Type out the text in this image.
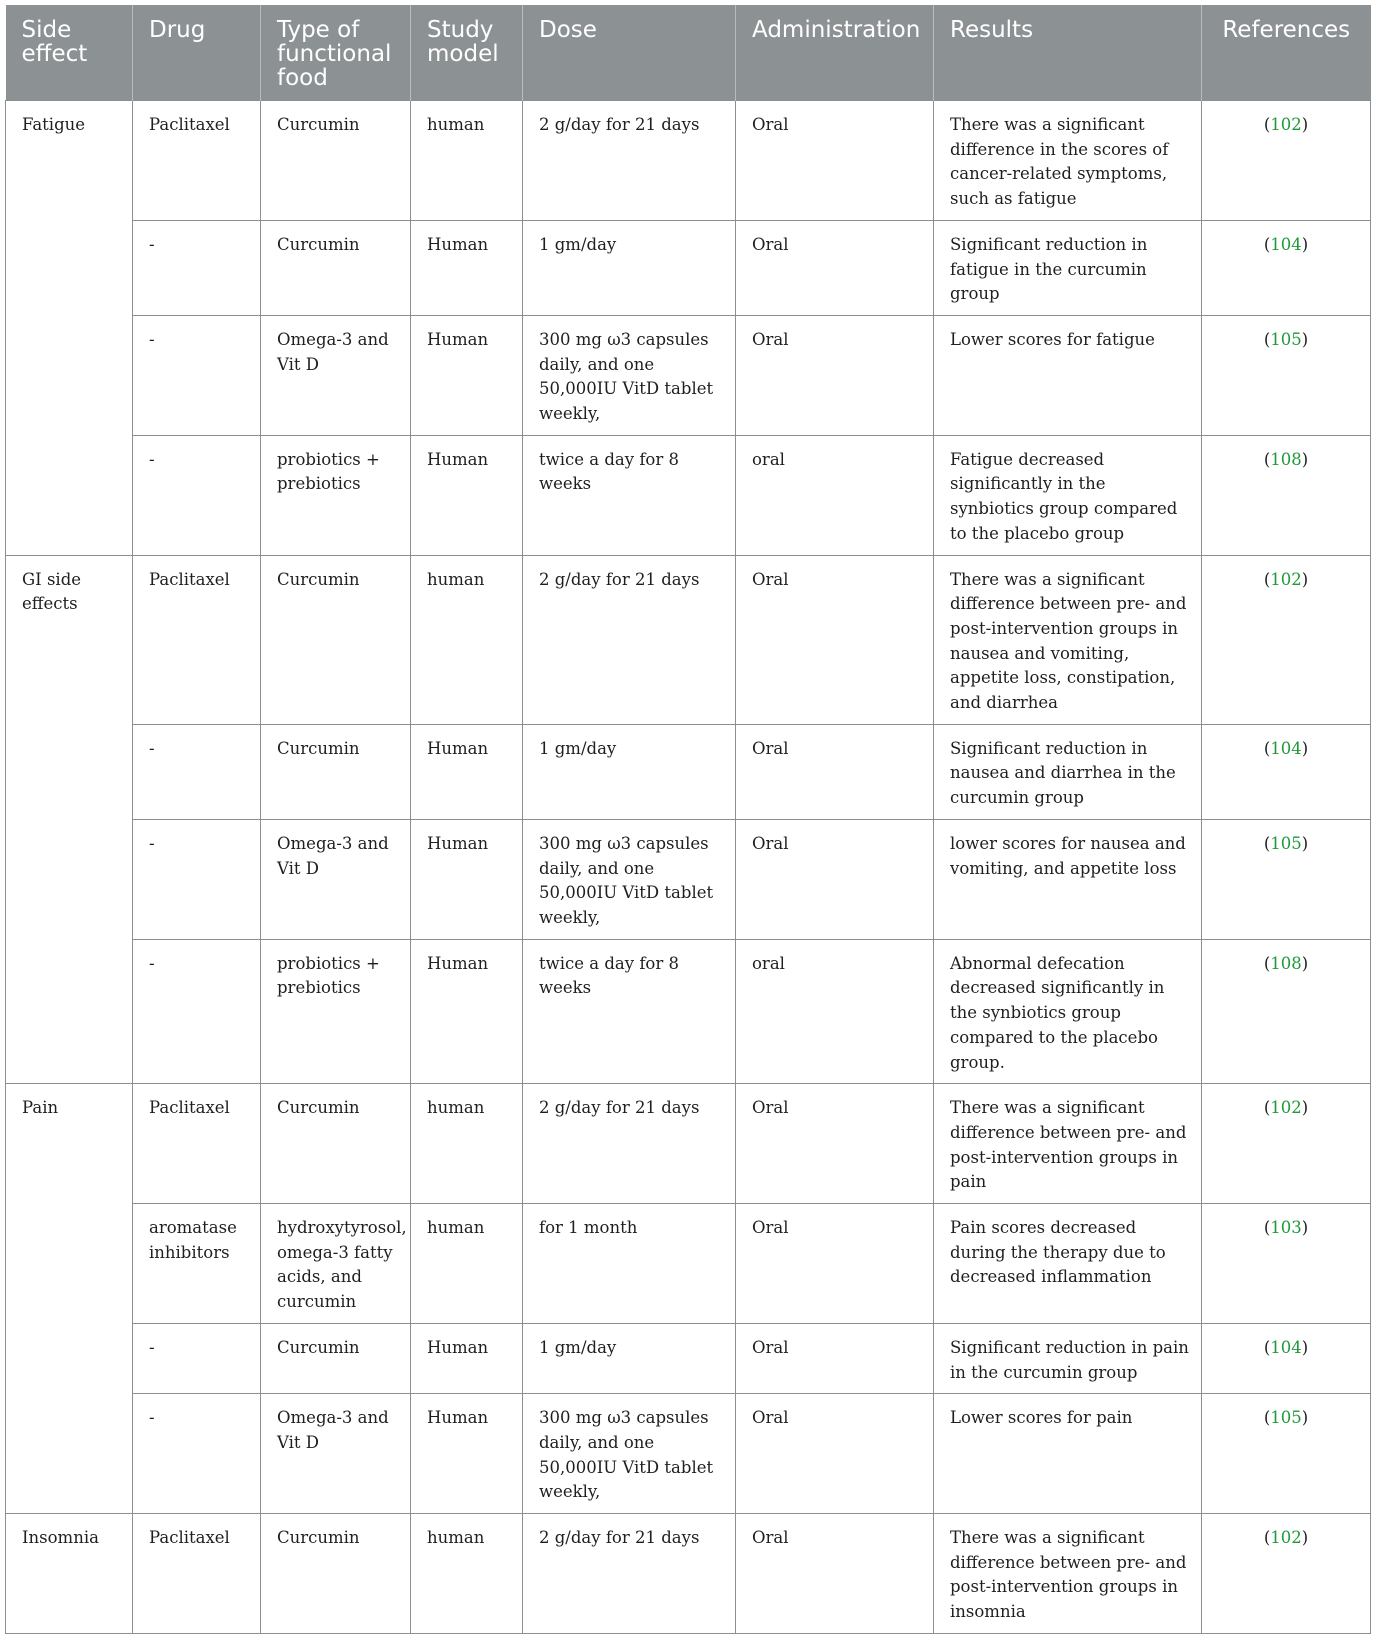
Side effect	Drug	Type of functional food	Study model	Dose	Administration	Results	References
Fatigue	Paclitaxel	Curcumin	human	2 g/day for 21 days	Oral	There was a significant difference in the scores of cancer-related symptoms, such as fatigue	(102)
	-	Curcumin	Human	1 gm/day	Oral	Significant reduction in fatigue in the curcumin group	(104)
	-	Omega-3 and Vit D	Human	300 mg ω3 capsules daily, and one 50,000IU VitD tablet weekly,	Oral	Lower scores for fatigue	(105)
	-	probiotics + prebiotics	Human	twice a day for 8 weeks	oral	Fatigue decreased significantly in the synbiotics group compared to the placebo group	(108)
GI side effects	Paclitaxel	Curcumin	human	2 g/day for 21 days	Oral	There was a significant difference between pre- and post-intervention groups in nausea and vomiting, appetite loss, constipation, and diarrhea	(102)
	-	Curcumin	Human	1 gm/day	Oral	Significant reduction in nausea and diarrhea in the curcumin group	(104)
	-	Omega-3 and Vit D	Human	300 mg ω3 capsules daily, and one 50,000IU VitD tablet weekly,	Oral	lower scores for nausea and vomiting, and appetite loss	(105)
	-	probiotics + prebiotics	Human	twice a day for 8 weeks	oral	Abnormal defecation decreased significantly in the synbiotics group compared to the placebo group.	(108)
Pain	Paclitaxel	Curcumin	human	2 g/day for 21 days	Oral	There was a significant difference between pre- and post-intervention groups in pain	(102)
	aromatase inhibitors	hydroxytyrosol, omega-3 fatty acids, and curcumin	human	for 1 month	Oral	Pain scores decreased during the therapy due to decreased inflammation	(103)
	-	Curcumin	Human	1 gm/day	Oral	Significant reduction in pain in the curcumin group	(104)
	-	Omega-3 and Vit D	Human	300 mg ω3 capsules daily, and one 50,000IU VitD tablet weekly,	Oral	Lower scores for pain	(105)
Insomnia	Paclitaxel	Curcumin	human	2 g/day for 21 days	Oral	There was a significant difference between pre- and post-intervention groups in insomnia	(102)
